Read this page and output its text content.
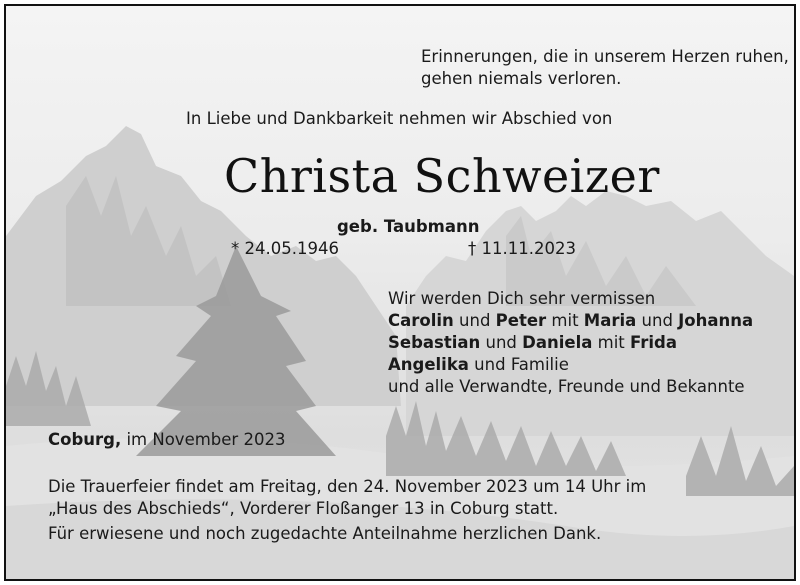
Erinnerungen, die in unserem Herzen ruhen,
gehen niemals verloren.
In Liebe und Dankbarkeit nehmen wir Abschied von
Christa Schweizer
geb. Taubmann
* 24.05.1946	† 11.11.2023
Wir werden Dich sehr vermissen
Carolin und Peter mit Maria und Johanna
Sebastian und Daniela mit Frida
Angelika und Familie
und alle Verwandte, Freunde und Bekannte
Coburg, im November 2023
Die Trauerfeier findet am Freitag, den 24. November 2023 um 14 Uhr im
„Haus des Abschieds“, Vorderer Floßanger 13 in Coburg statt.
Für erwiesene und noch zugedachte Anteilnahme herzlichen Dank.
